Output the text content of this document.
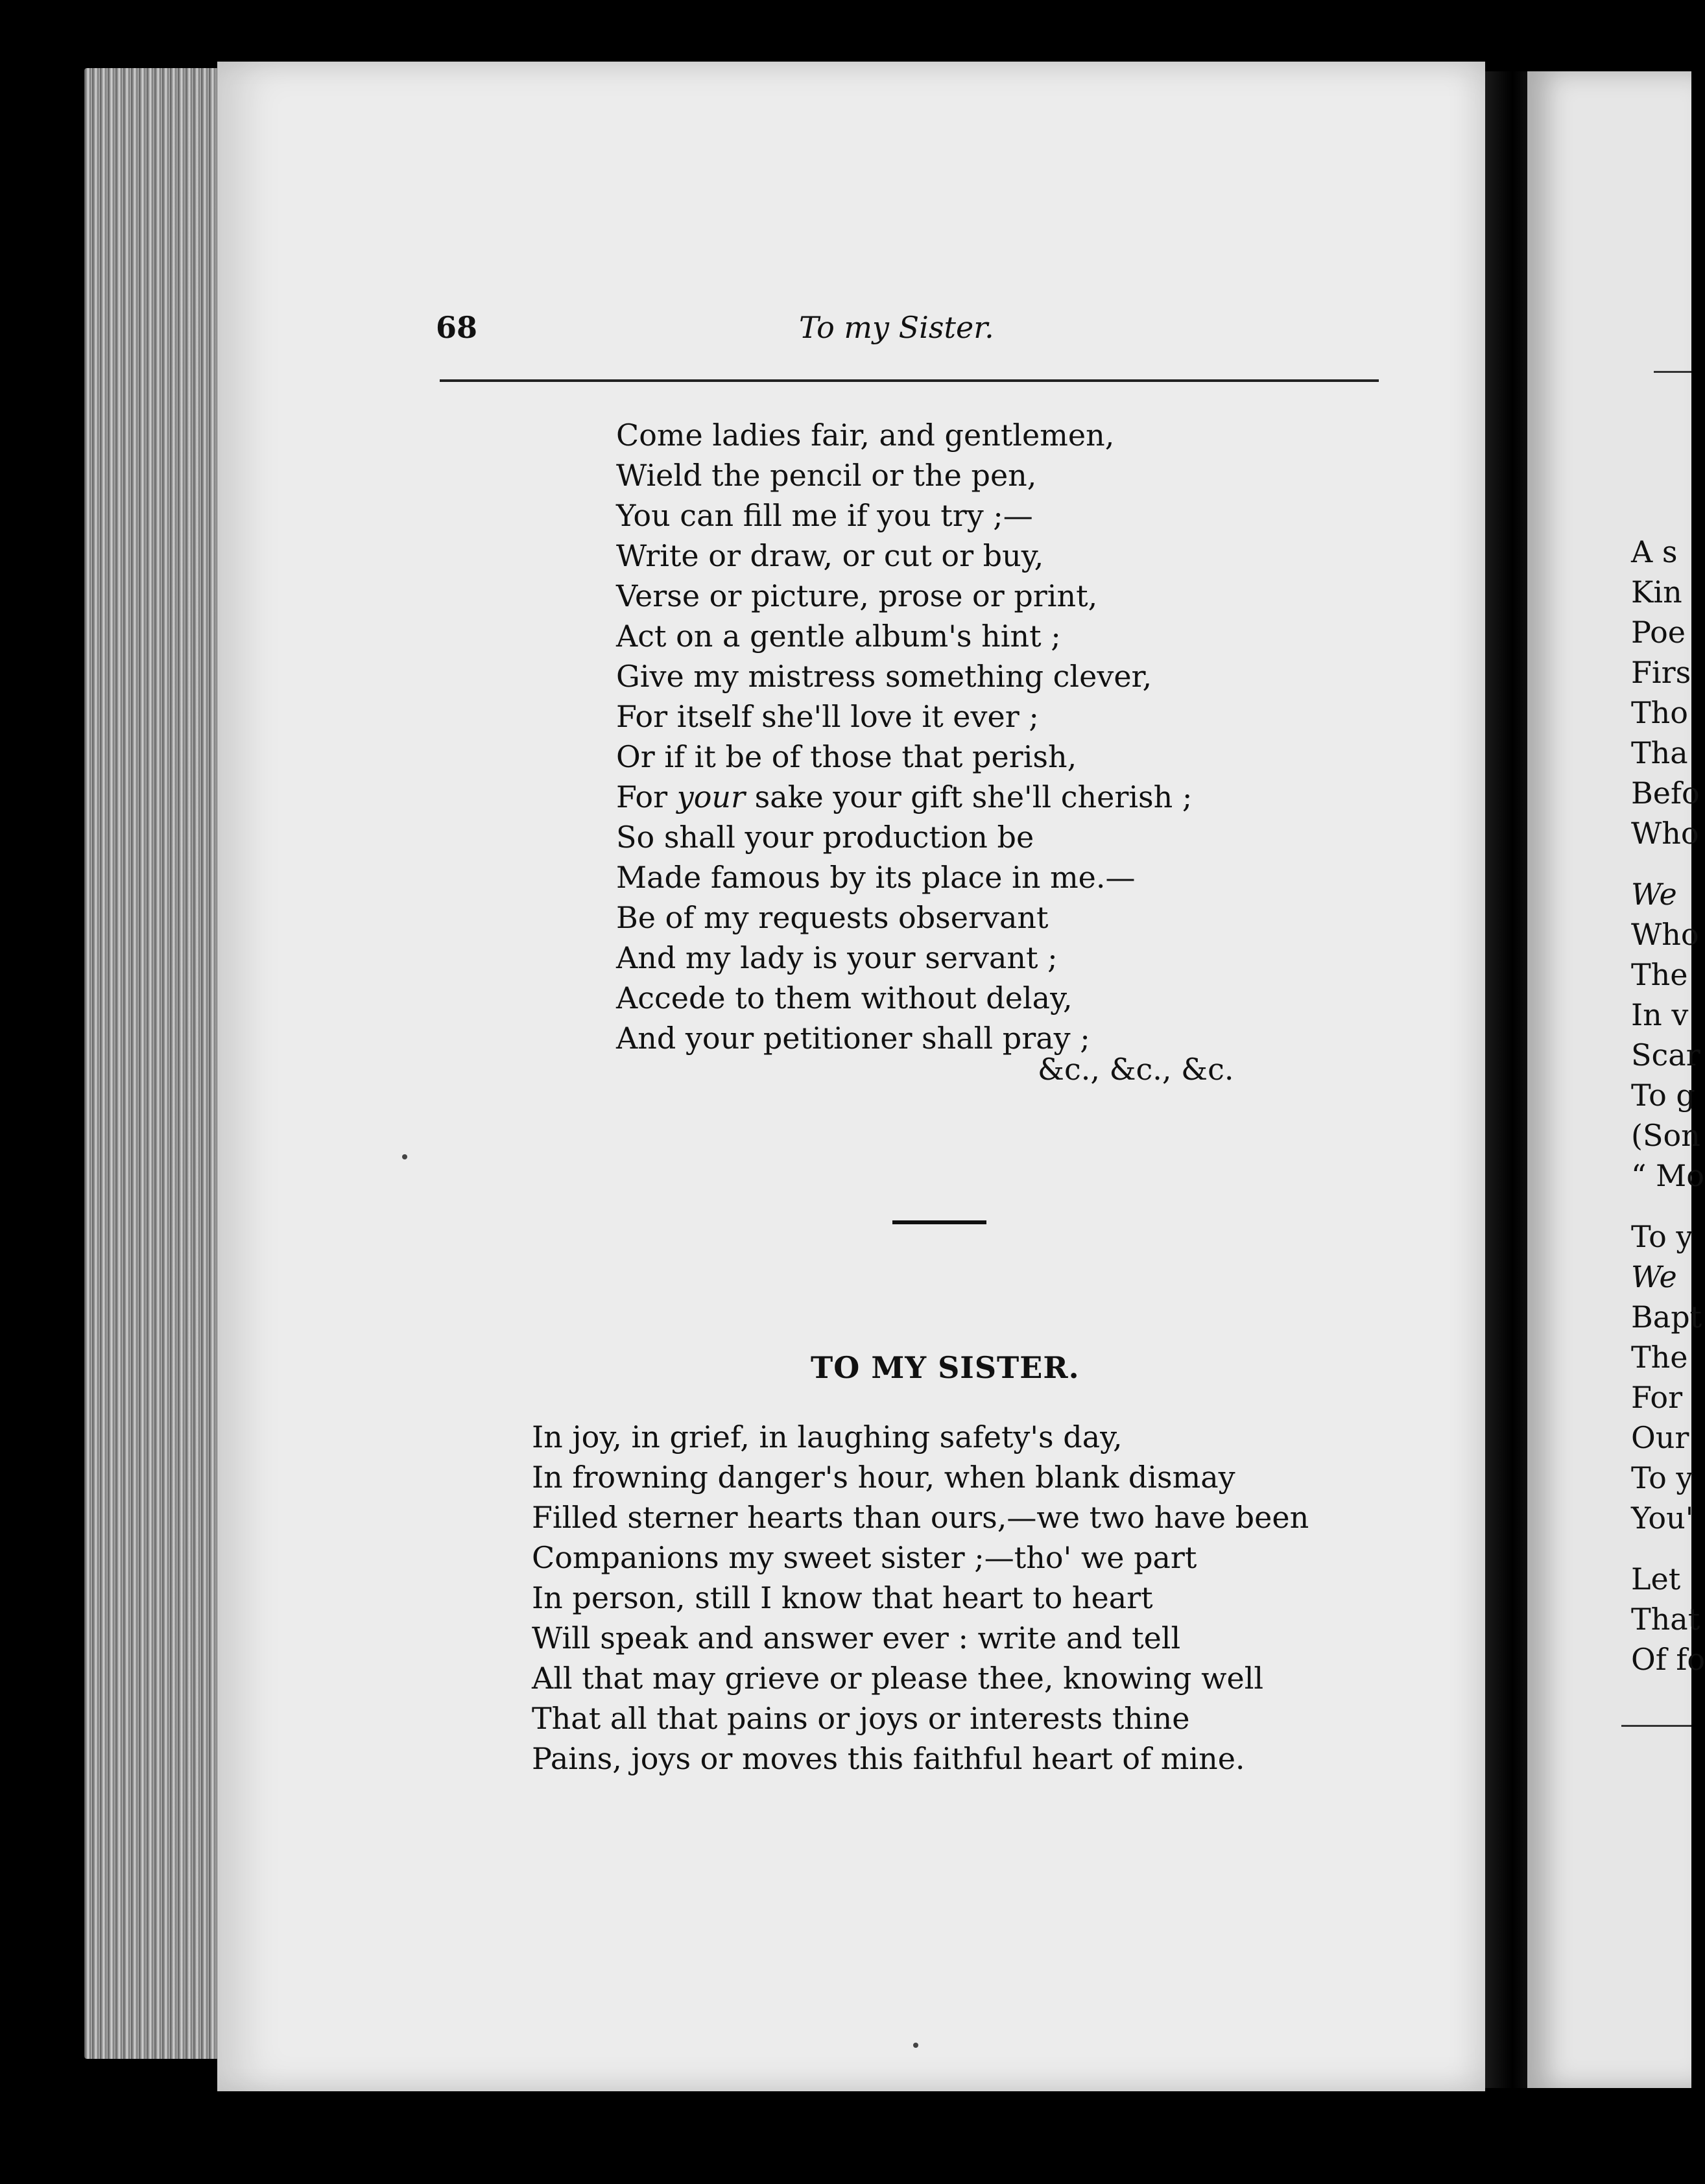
68	To my Sister.
Come ladies fair, and gentlemen,
Wield the pencil or the pen,
You can fill me if you try ;—
Write or draw, or cut or buy,
Verse or picture, prose or print,
Act on a gentle album's hint ;
Give my mistress something clever,
For itself she'll love it ever ;
Or if it be of those that perish,
For your sake your gift she'll cherish ;
So shall your production be
Made famous by its place in me.—
Be of my requests observant
And my lady is your servant ;
Accede to them without delay,
And your petitioner shall pray ;
&c., &c., &c.
TO MY SISTER.
In joy, in grief, in laughing safety's day,
In frowning danger's hour, when blank dismay
Filled sterner hearts than ours,—we two have been
Companions my sweet sister ;—tho' we part
In person, still I know that heart to heart
Will speak and answer ever : write and tell
All that may grieve or please thee, knowing well
That all that pains or joys or interests thine
Pains, joys or moves this faithful heart of mine.
A s
Kin
Poe
Firs
Tho
Tha
Befo
Who
We
Who
The
In v
Scar
To g
(Son
“ Mo
To y
We
Bapt
The
For
Our
To y
You'
Let
That
Of fo
